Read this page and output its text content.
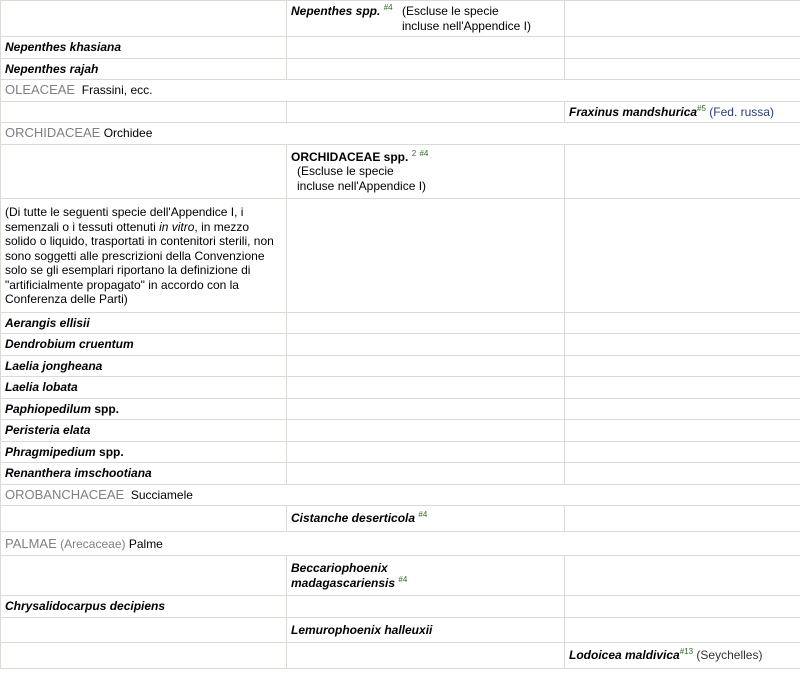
	Nepenthes spp. $^{\#4}$ (Escluse le specie
incluse nell'Appendice I)	
Nepenthes khasiana		
Nepenthes rajah		
OLEACEAE Frassini, ecc.		
		Fraxinus mandshurica$^{\#5}$ (Fed. russa)
ORCHIDACEAE Orchidee		
	ORCHIDACEAE spp. $^2$ $^{\#4}$ (Escluse le specie
incluse nell'Appendice I)	
(Di tutte le seguenti specie dell'Appendice I, i semenzali o i tessuti ottenuti in vitro, in mezzo solido o liquido, trasportati in contenitori sterili, non sono soggetti alle prescrizioni della Convenzione solo se gli esemplari riportano la definizione di "artificialmente propagato" in accordo con la Conferenza delle Parti)		
Aerangis ellisii		
Dendrobium cruentum		
Laelia jongheana		
Laelia lobata		
Paphiopedilum spp.		
Peristeria elata		
Phragmipedium spp.		
Renanthera imschootiana		
OROBANCHACEAE Succiamele		
	Cistanche deserticola $^{\#4}$	
PALMAE (Arecaceae) Palme		
	Beccariophoenix
madagascariensis $^{\#4}$	
Chrysalidocarpus decipiens		
	Lemurophoenix halleuxii	
		Lodoicea maldivica$^{\#13}$ (Seychelles)
